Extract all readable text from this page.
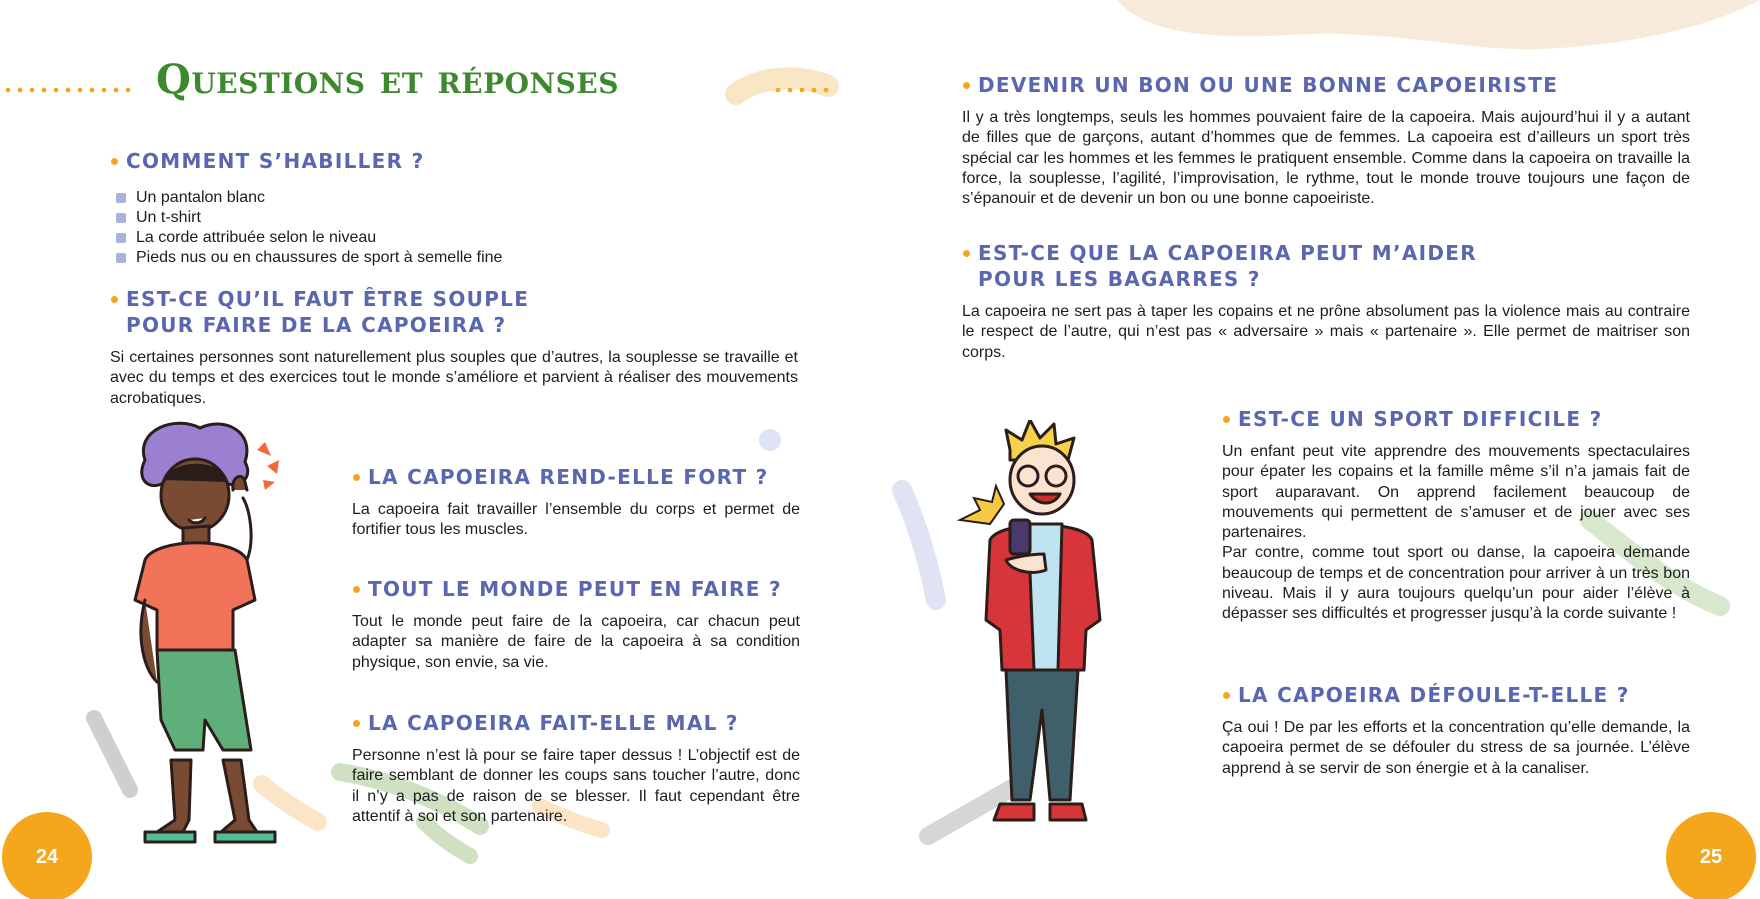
Questions et réponses
COMMENT S’HABILLER ?
Un pantalon blanc
Un t-shirt
La corde attribuée selon le niveau
Pieds nus ou en chaussures de sport à semelle fine
EST-CE QU’IL FAUT ÊTRE SOUPLE
POUR FAIRE DE LA CAPOEIRA ?

Si certaines personnes sont naturellement plus souples que d’autres, la souplesse se travaille et avec du temps et des exercices tout le monde s’améliore et parvient à réaliser des mouvements acrobatiques.

LA CAPOEIRA REND-ELLE FORT ?

La capoeira fait travailler l’ensemble du corps et permet de fortifier tous les muscles.

TOUT LE MONDE PEUT EN FAIRE ?

Tout le monde peut faire de la capoeira, car chacun peut adapter sa manière de faire de la capoeira à sa condition physique, son envie, sa vie.

LA CAPOEIRA FAIT-ELLE MAL ?

Personne n’est là pour se faire taper dessus ! L’objectif est de faire semblant de donner les coups sans toucher l’autre, donc il n’y a pas de raison de se blesser. Il faut cependant être attentif à soi et son partenaire.

24
DEVENIR UN BON OU UNE BONNE CAPOEIRISTE

Il y a très longtemps, seuls les hommes pouvaient faire de la capoeira. Mais aujourd’hui il y a autant de filles que de garçons, autant d’hommes que de femmes. La capoeira est d’ailleurs un sport très spécial car les hommes et les femmes le pratiquent ensemble. Comme dans la capoeira on travaille la force, la souplesse, l’agilité, l’improvisation, le rythme, tout le monde trouve toujours une façon de s’épanouir et de devenir un bon ou une bonne capoeiriste.

EST-CE QUE LA CAPOEIRA PEUT M’AIDER
POUR LES BAGARRES ?

La capoeira ne sert pas à taper les copains et ne prône absolument pas la violence mais au contraire le respect de l’autre, qui n’est pas « adversaire » mais « partenaire ». Elle permet de maitriser son corps.

EST-CE UN SPORT DIFFICILE ?

Un enfant peut vite apprendre des mouvements spectaculaires pour épater les copains et la famille même s’il n’a jamais fait de sport auparavant. On apprend facilement beaucoup de mouvements qui permettent de s’amuser et de jouer avec ses partenaires.

Par contre, comme tout sport ou danse, la capoeira demande beaucoup de temps et de concentration pour arriver à un très bon niveau. Mais il y aura toujours quelqu’un pour aider l’élève à dépasser ses difficultés et progresser jusqu’à la corde suivante !

LA CAPOEIRA DÉFOULE-T-ELLE ?

Ça oui ! De par les efforts et la concentration qu’elle demande, la capoeira permet de se défouler du stress de sa journée. L’élève apprend à se servir de son énergie et à la canaliser.

25
